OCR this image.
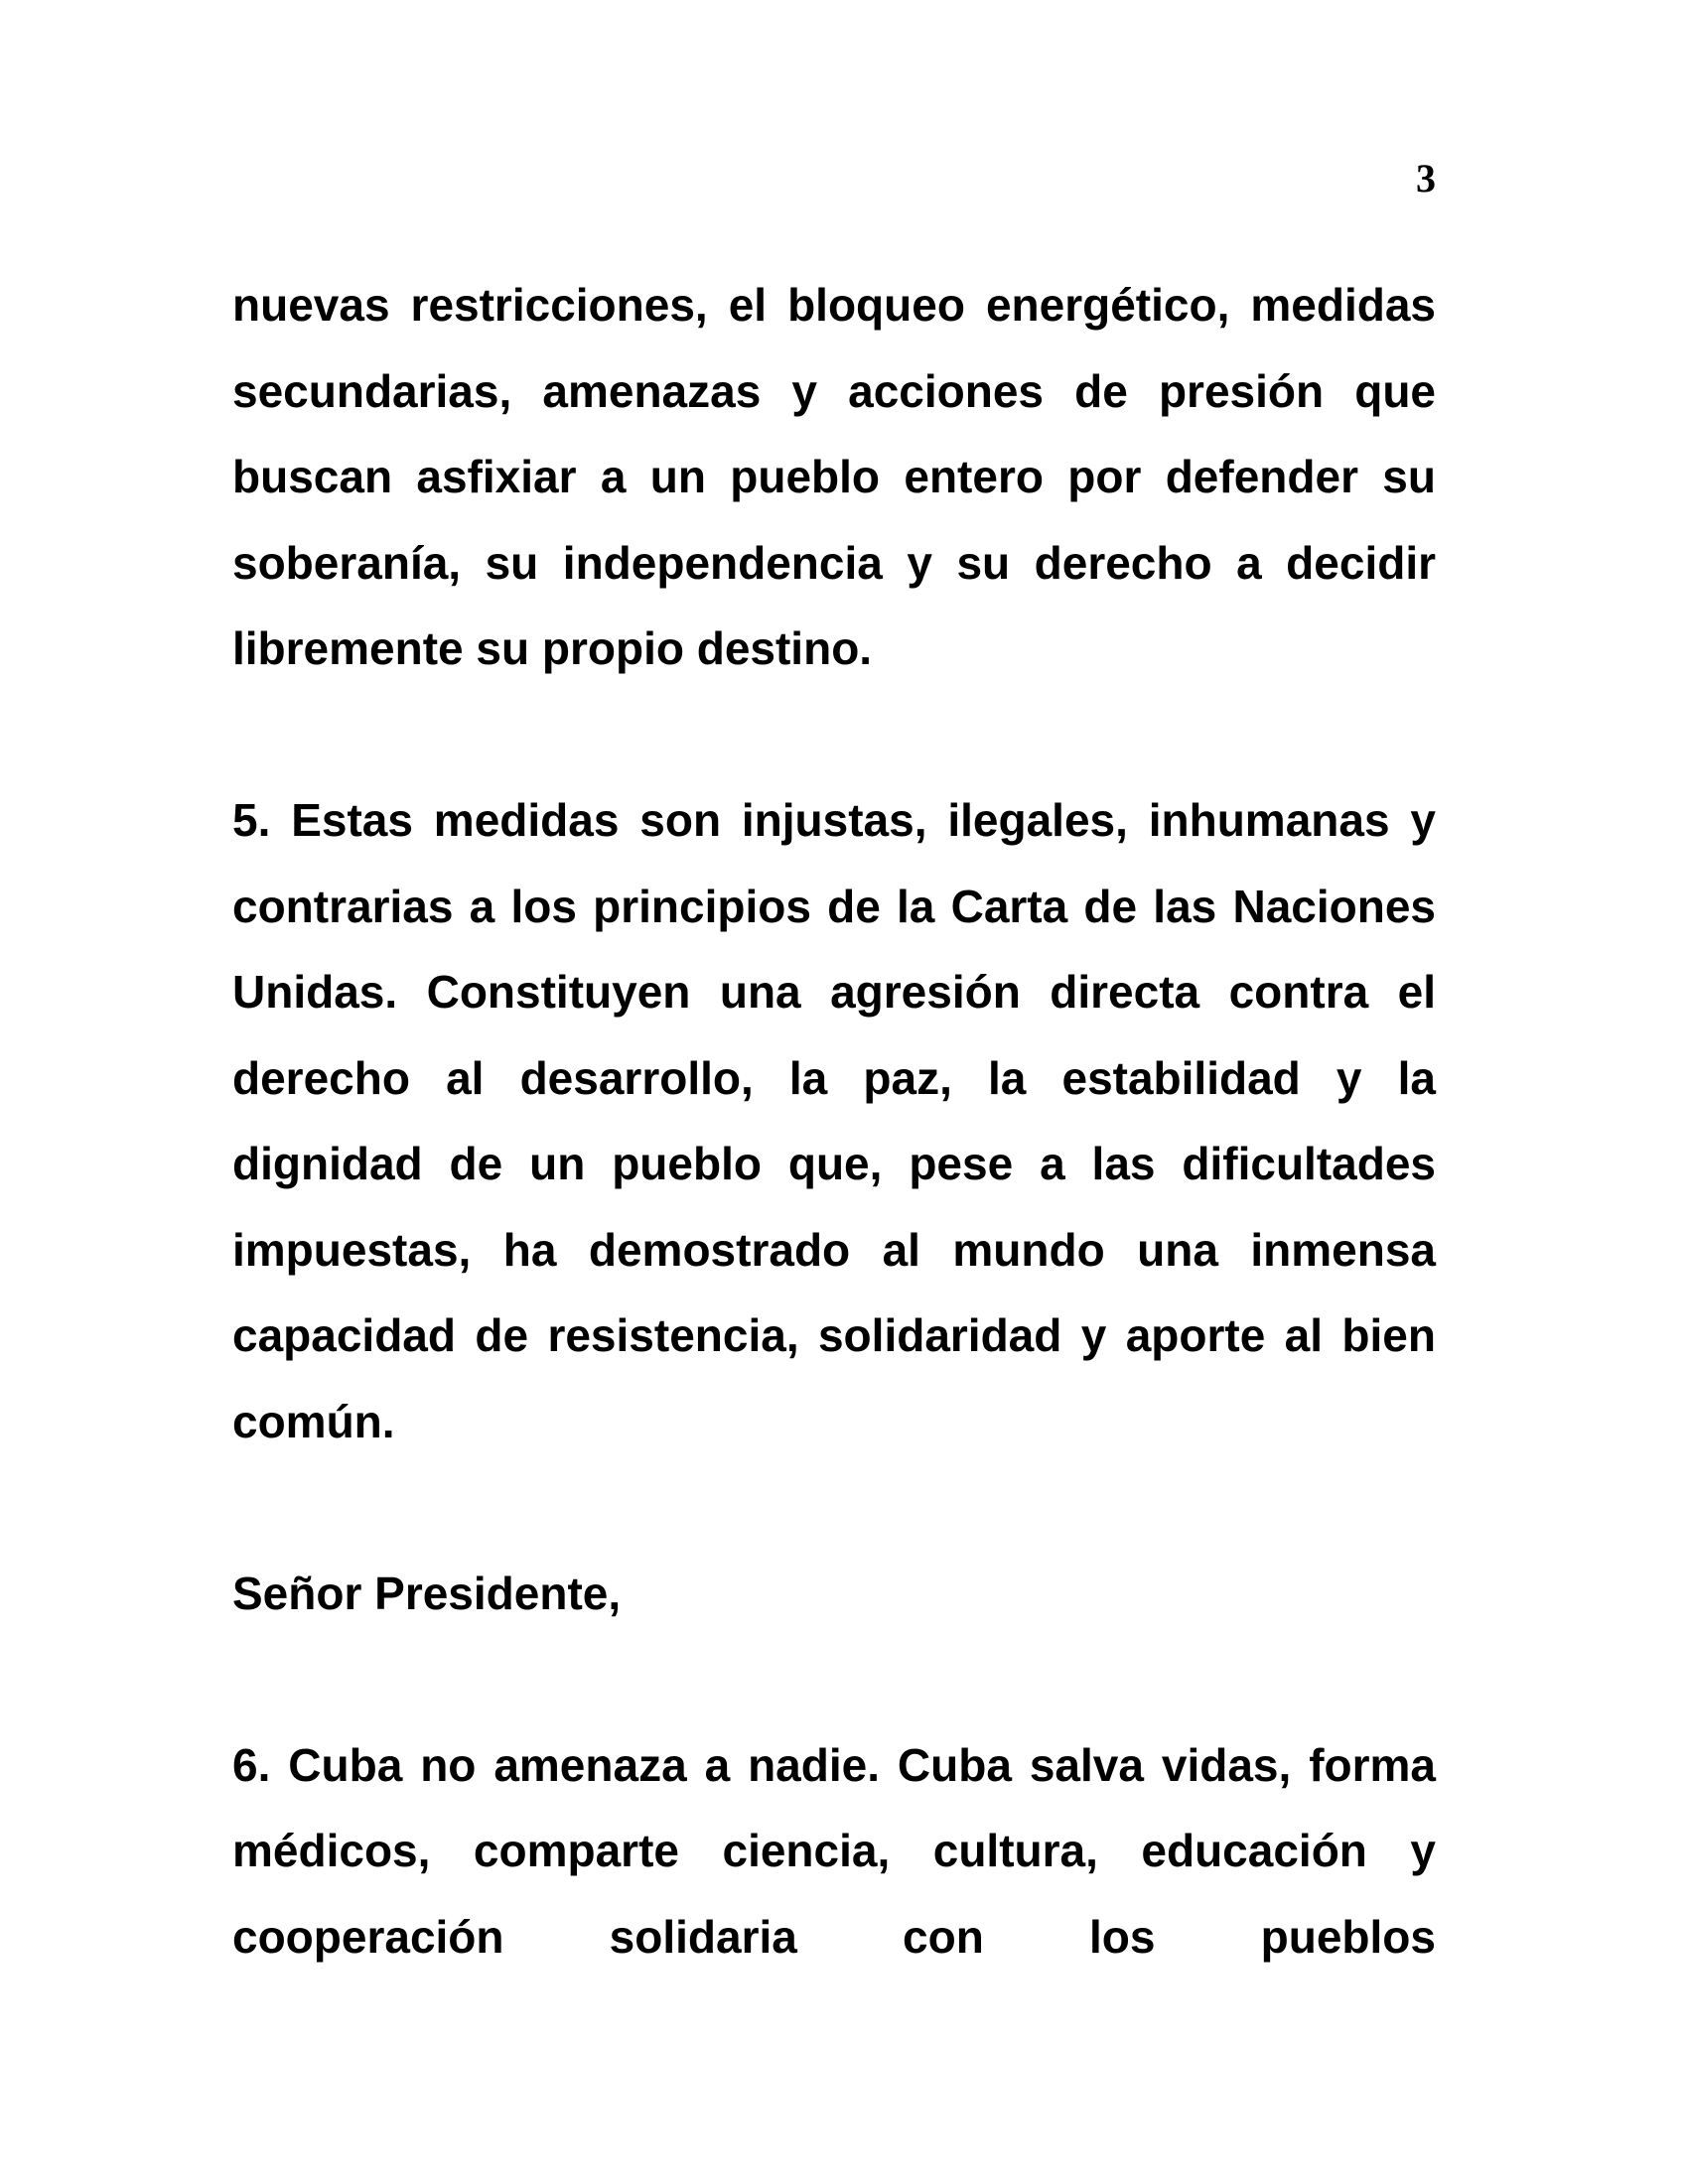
3

nuevas restricciones, el bloqueo energético, medidas secundarias, amenazas y acciones de presión que buscan asfixiar a un pueblo entero por defender su soberanía, su independencia y su derecho a decidir libremente su propio destino.

5. Estas medidas son injustas, ilegales, inhumanas y contrarias a los principios de la Carta de las Naciones Unidas. Constituyen una agresión directa contra el derecho al desarrollo, la paz, la estabilidad y la dignidad de un pueblo que, pese a las dificultades impuestas, ha demostrado al mundo una inmensa capacidad de resistencia, solidaridad y aporte al bien común.

Señor Presidente,

6. Cuba no amenaza a nadie. Cuba salva vidas, forma médicos, comparte ciencia, cultura, educación y cooperación solidaria con los pueblos
